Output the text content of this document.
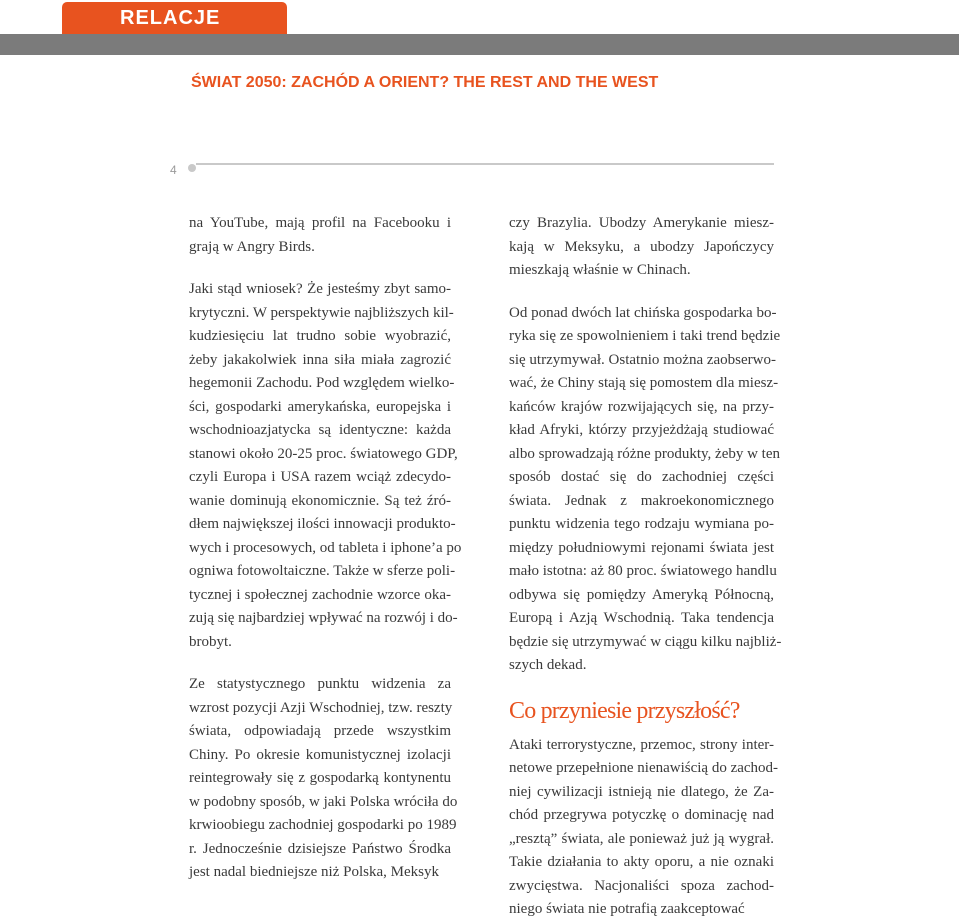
RELACJE
ŚWIAT 2050: ZACHÓD A ORIENT? THE REST AND THE WEST
4
na YouTube, mają profil na Facebooku i
grają w Angry Birds.
Jaki stąd wniosek? Że jesteśmy zbyt samo-
krytyczni. W perspektywie najbliższych kil-
kudziesięciu lat trudno sobie wyobrazić,
żeby jakakolwiek inna siła miała zagrozić
hegemonii Zachodu. Pod względem wielko-
ści, gospodarki amerykańska, europejska i
wschodnioazjatycka są identyczne: każda
stanowi około 20-25 proc. światowego GDP,
czyli Europa i USA razem wciąż zdecydo-
wanie dominują ekonomicznie. Są też źró-
dłem największej ilości innowacji produkto-
wych i procesowych, od tableta i iphone’a po
ogniwa fotowoltaiczne. Także w sferze poli-
tycznej i społecznej zachodnie wzorce oka-
zują się najbardziej wpływać na rozwój i do-
brobyt.
Ze statystycznego punktu widzenia za
wzrost pozycji Azji Wschodniej, tzw. reszty
świata, odpowiadają przede wszystkim
Chiny. Po okresie komunistycznej izolacji
reintegrowały się z gospodarką kontynentu
w podobny sposób, w jaki Polska wróciła do
krwioobiegu zachodniej gospodarki po 1989
r. Jednocześnie dzisiejsze Państwo Środka
jest nadal biedniejsze niż Polska, Meksyk
czy Brazylia. Ubodzy Amerykanie miesz-
kają w Meksyku, a ubodzy Japończycy
mieszkają właśnie w Chinach.
Od ponad dwóch lat chińska gospodarka bo-
ryka się ze spowolnieniem i taki trend będzie
się utrzymywał. Ostatnio można zaobserwo-
wać, że Chiny stają się pomostem dla miesz-
kańców krajów rozwijających się, na przy-
kład Afryki, którzy przyjeżdżają studiować
albo sprowadzają różne produkty, żeby w ten
sposób dostać się do zachodniej części
świata. Jednak z makroekonomicznego
punktu widzenia tego rodzaju wymiana po-
między południowymi rejonami świata jest
mało istotna: aż 80 proc. światowego handlu
odbywa się pomiędzy Ameryką Północną,
Europą i Azją Wschodnią. Taka tendencja
będzie się utrzymywać w ciągu kilku najbliż-
szych dekad.
Co przyniesie przyszłość?
Ataki terrorystyczne, przemoc, strony inter-
netowe przepełnione nienawiścią do zachod-
niej cywilizacji istnieją nie dlatego, że Za-
chód przegrywa potyczkę o dominację nad
„resztą” świata, ale ponieważ już ją wygrał.
Takie działania to akty oporu, a nie oznaki
zwycięstwa. Nacjonaliści spoza zachod-
niego świata nie potrafią zaakceptować
